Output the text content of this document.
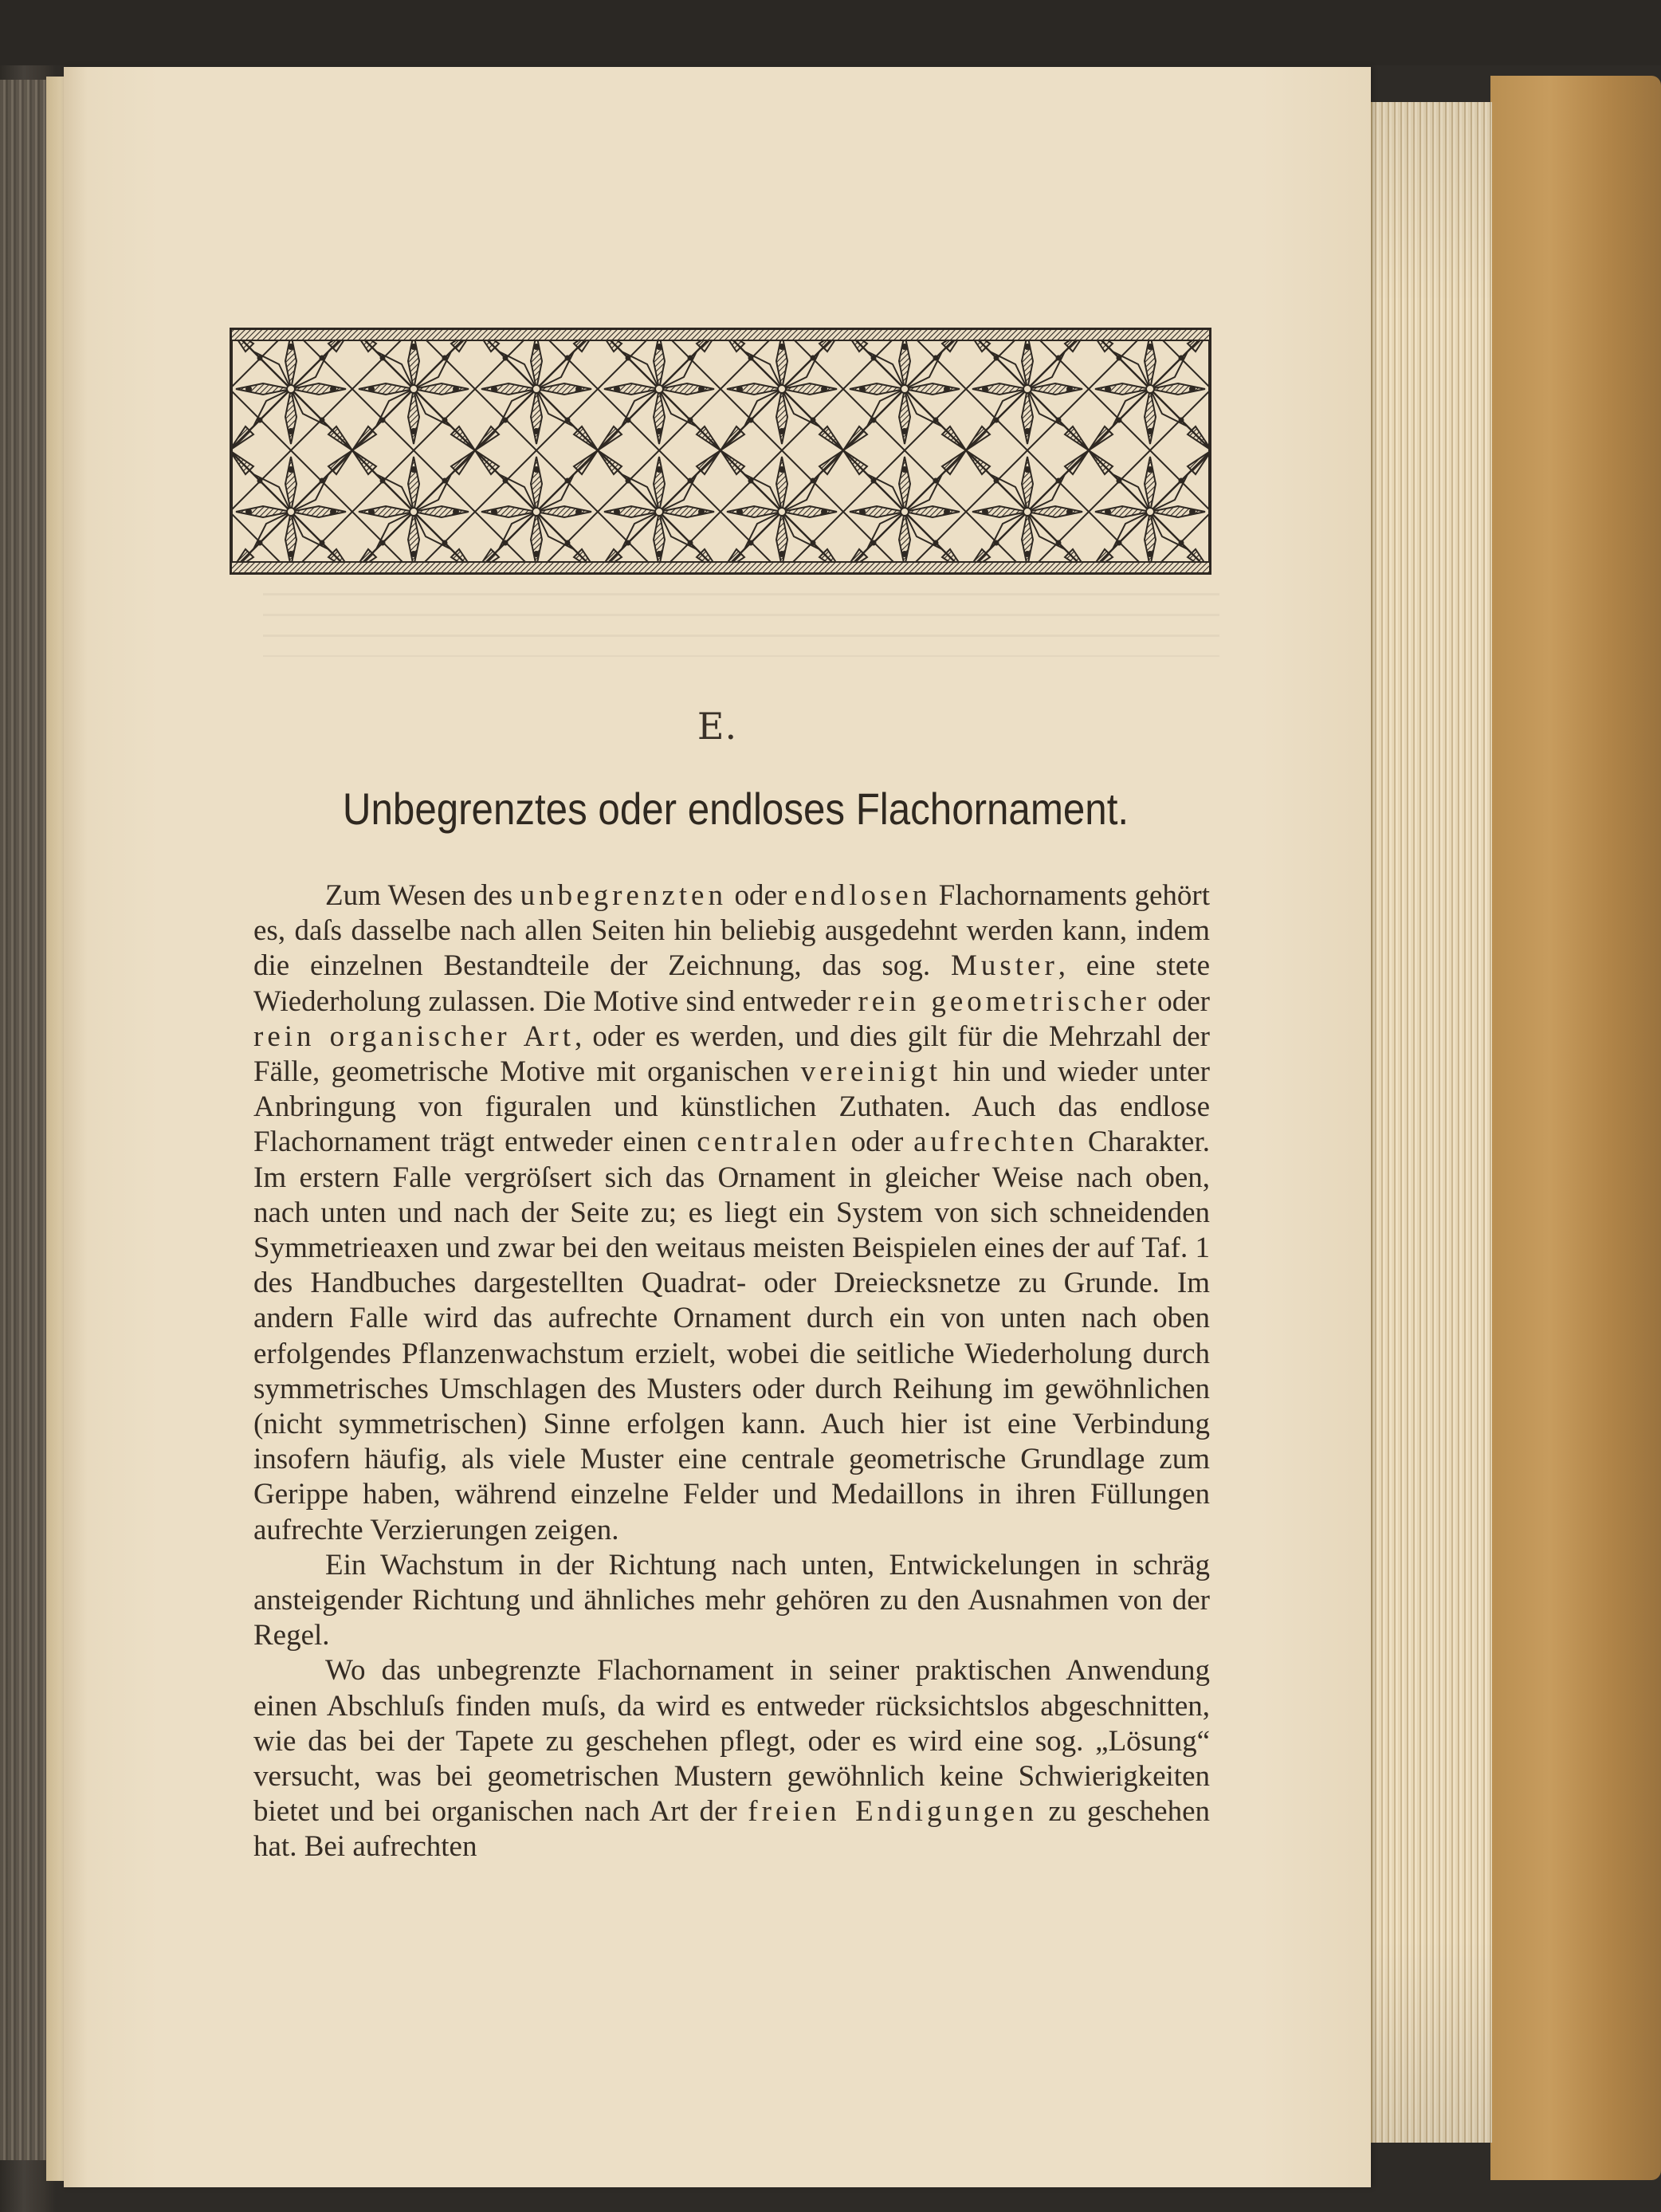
E.
Unbegrenztes oder endloses Flachornament.

Zum Wesen des unbegrenzten oder endlosen Flachornaments gehört es, daſs dasselbe nach allen Seiten hin beliebig ausgedehnt werden kann, indem die einzelnen Bestandteile der Zeichnung, das sog. Muster, eine stete Wiederholung zulassen. Die Motive sind entweder rein geometrischer oder rein organischer Art, oder es werden, und dies gilt für die Mehrzahl der Fälle, geometrische Motive mit organischen vereinigt hin und wieder unter Anbringung von figuralen und künstlichen Zuthaten. Auch das endlose Flachornament trägt entweder einen centralen oder aufrechten Charakter. Im erstern Falle vergröſsert sich das Ornament in gleicher Weise nach oben, nach unten und nach der Seite zu; es liegt ein System von sich schneidenden Symmetrieaxen und zwar bei den weitaus meisten Beispielen eines der auf Taf. 1 des Handbuches dargestellten Quadrat- oder Dreiecksnetze zu Grunde. Im andern Falle wird das aufrechte Ornament durch ein von unten nach oben erfolgendes Pflanzenwachstum erzielt, wobei die seitliche Wiederholung durch symmetrisches Umschlagen des Musters oder durch Reihung im gewöhnlichen (nicht symmetrischen) Sinne erfolgen kann. Auch hier ist eine Verbindung insofern häufig, als viele Muster eine centrale geometrische Grundlage zum Gerippe haben, während einzelne Felder und Medaillons in ihren Füllungen aufrechte Verzierungen zeigen.

Ein Wachstum in der Richtung nach unten, Entwickelungen in schräg ansteigender Richtung und ähnliches mehr gehören zu den Ausnahmen von der Regel.

Wo das unbegrenzte Flachornament in seiner praktischen Anwendung einen Abschluſs finden muſs, da wird es entweder rücksichtslos abgeschnitten, wie das bei der Tapete zu geschehen pflegt, oder es wird eine sog. „Lösung“ versucht, was bei geometrischen Mustern gewöhnlich keine Schwierigkeiten bietet und bei organischen nach Art der freien Endigungen zu geschehen hat. Bei aufrechten
